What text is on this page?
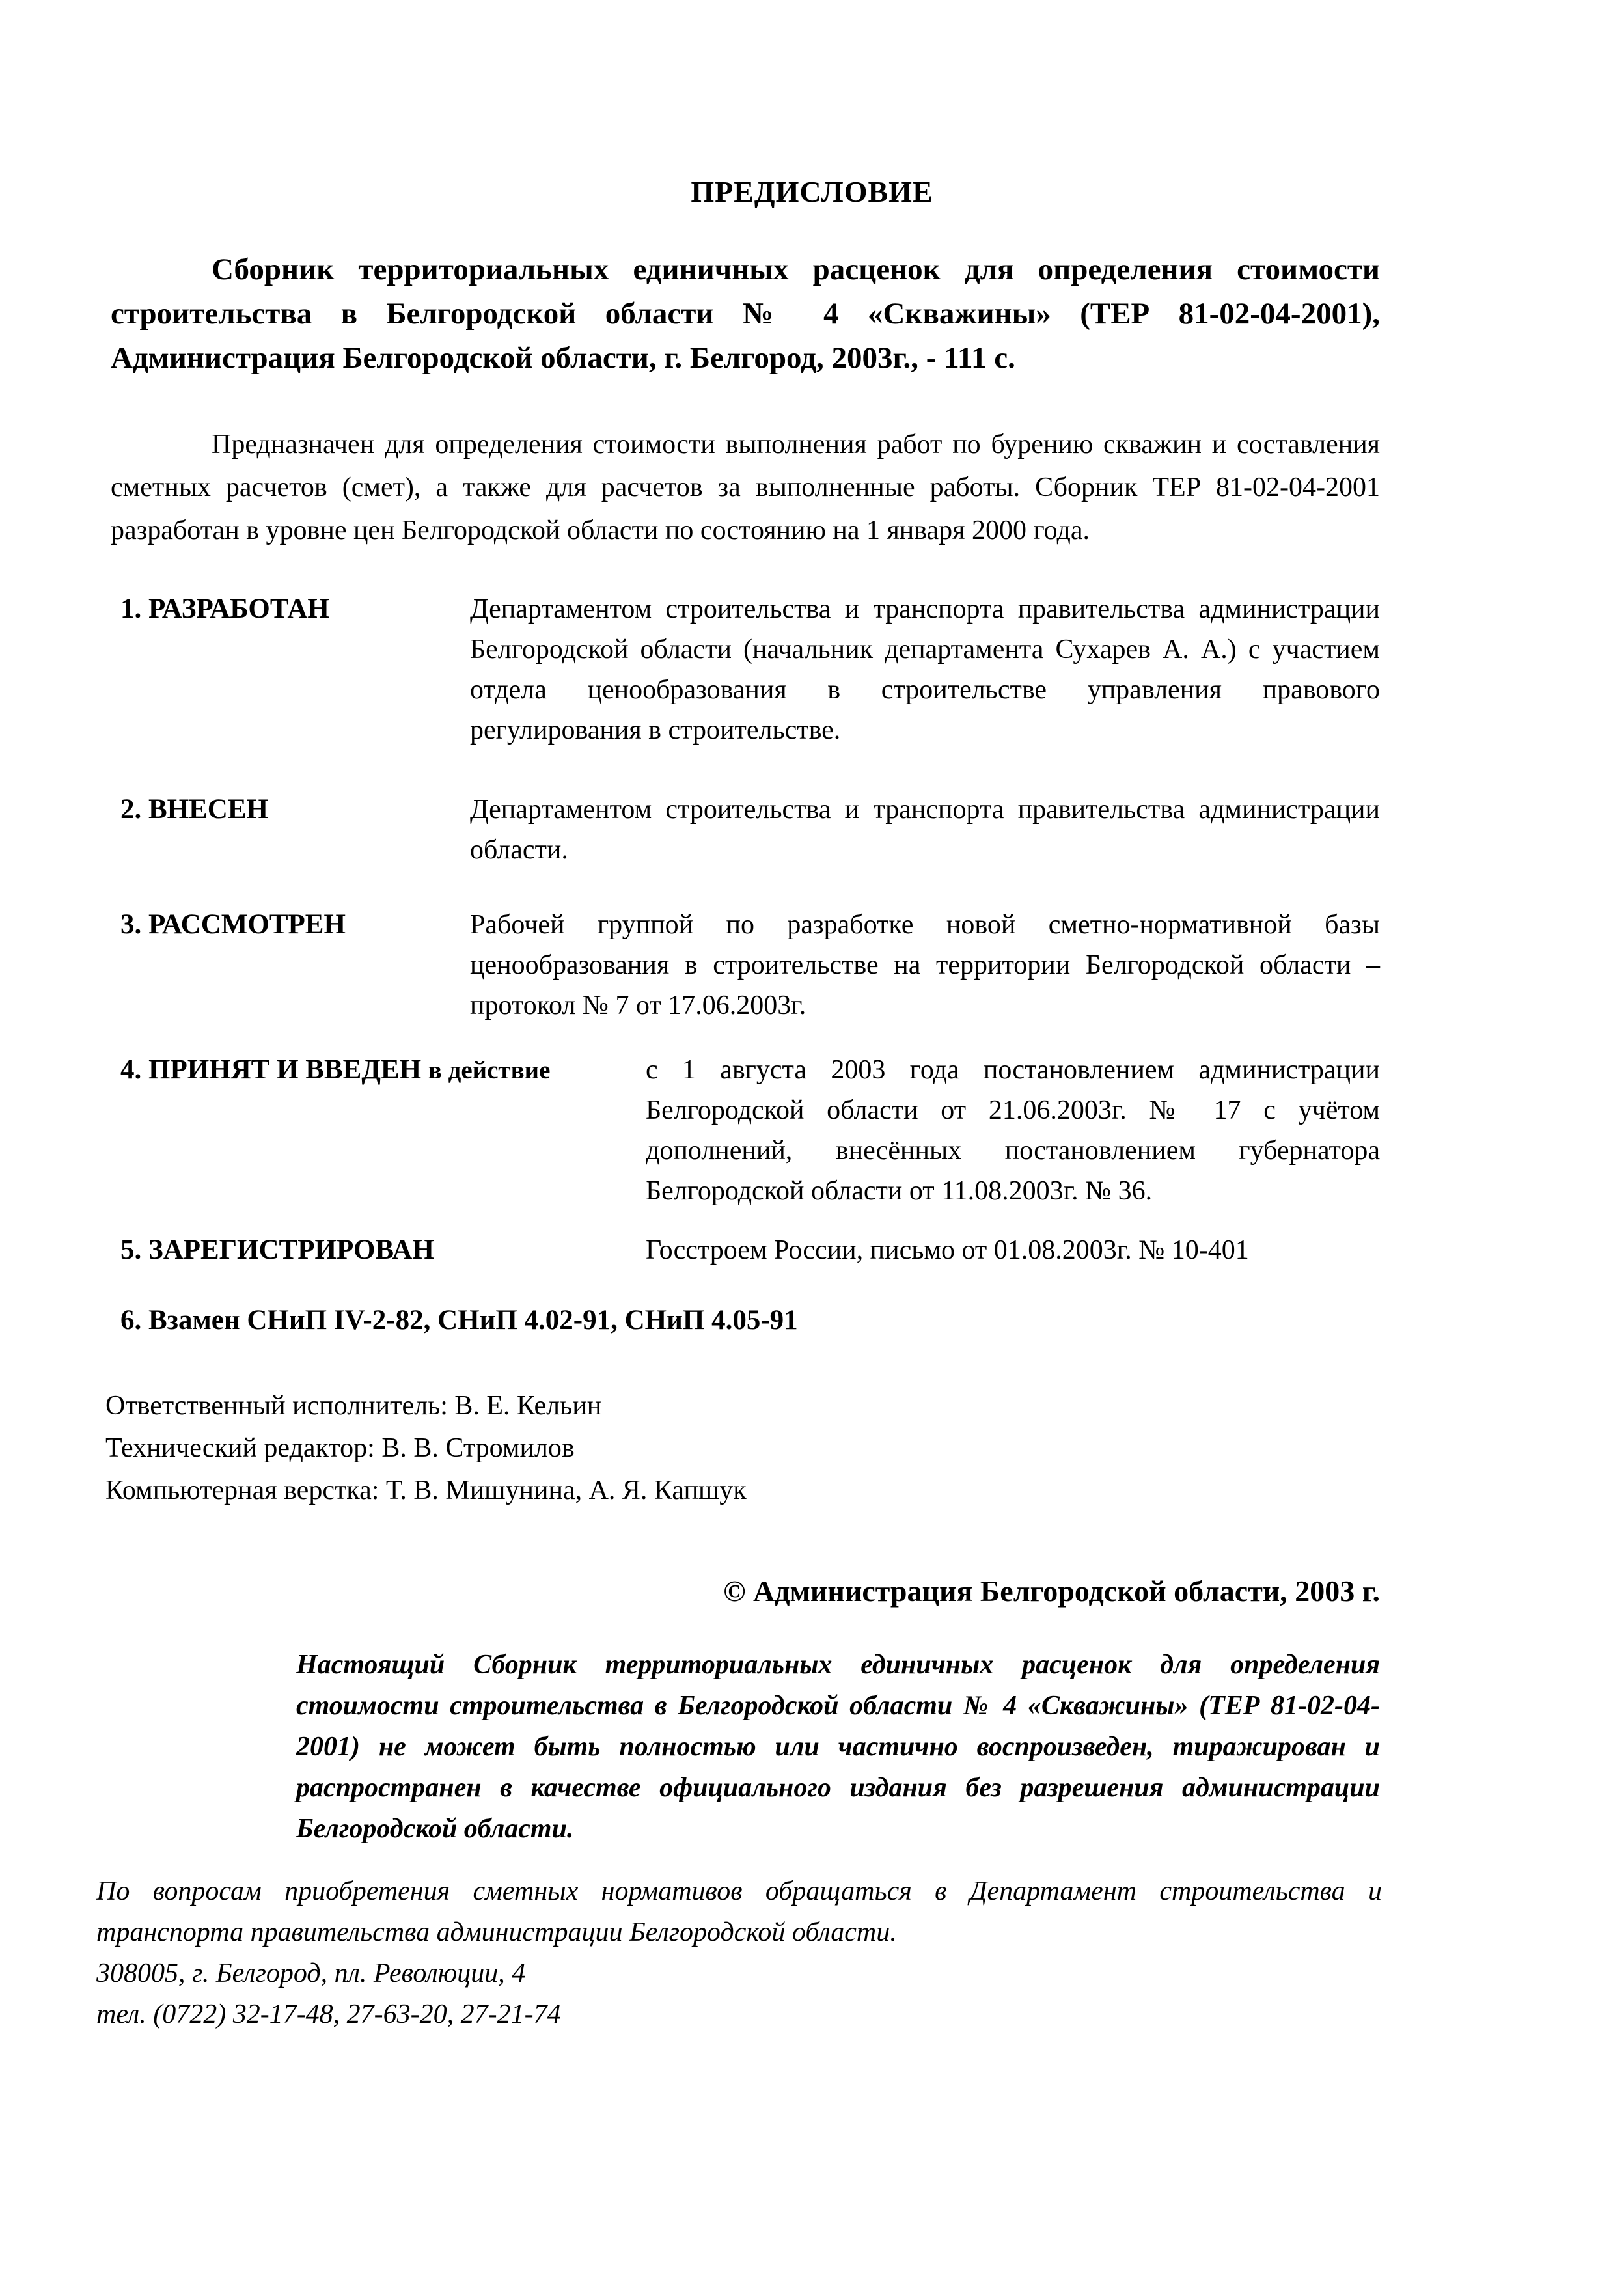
ПРЕДИСЛОВИЕ
Сборник территориальных единичных расценок для определения стоимости строительства в Белгородской области № 4 «Скважины» (ТЕР 81-02-04-2001), Администрация Белгородской области, г. Белгород, 2003г., - 111 с.
Предназначен для определения стоимости выполнения работ по бурению скважин и составления сметных расчетов (смет), а также для расчетов за выполненные работы. Сборник ТЕР 81-02-04-2001 разработан в уровне цен Белгородской области по состоянию на 1 января 2000 года.
1. РАЗРАБОТАН	Департаментом строительства и транспорта правительства администрации Белгородской области (начальник департамента Сухарев А. А.) с участием отдела ценообразования в строительстве управления правового регулирования в строительстве.
2. ВНЕСЕН	Департаментом строительства и транспорта правительства администрации области.
3. РАССМОТРЕН	Рабочей группой по разработке новой сметно-нормативной базы ценообразования в строительстве на территории Белгородской области – протокол № 7 от 17.06.2003г.
4. ПРИНЯТ И ВВЕДЕН в действие	с 1 августа 2003 года постановлением администрации Белгородской области от 21.06.2003г. № 17 с учётом дополнений, внесённых постановлением губернатора Белгородской области от 11.08.2003г. № 36.
5. ЗАРЕГИСТРИРОВАН	Госстроем России, письмо от 01.08.2003г. № 10-401
6. Взамен СНиП IV-2-82, СНиП 4.02-91, СНиП 4.05-91
Ответственный исполнитель: В. Е. Кельин
Технический редактор: В. В. Стромилов
Компьютерная верстка: Т. В. Мишунина, А. Я. Капшук
© Администрация Белгородской области, 2003 г.
Настоящий Сборник территориальных единичных расценок для определения стоимости строительства в Белгородской области № 4 «Скважины» (ТЕР 81-02-04-2001) не может быть полностью или частично воспроизведен, тиражирован и распространен в качестве официального издания без разрешения администрации Белгородской области.
По вопросам приобретения сметных нормативов обращаться в Департамент строительства и транспорта правительства администрации Белгородской области.
308005, г. Белгород, пл. Революции, 4
тел. (0722) 32-17-48, 27-63-20, 27-21-74
